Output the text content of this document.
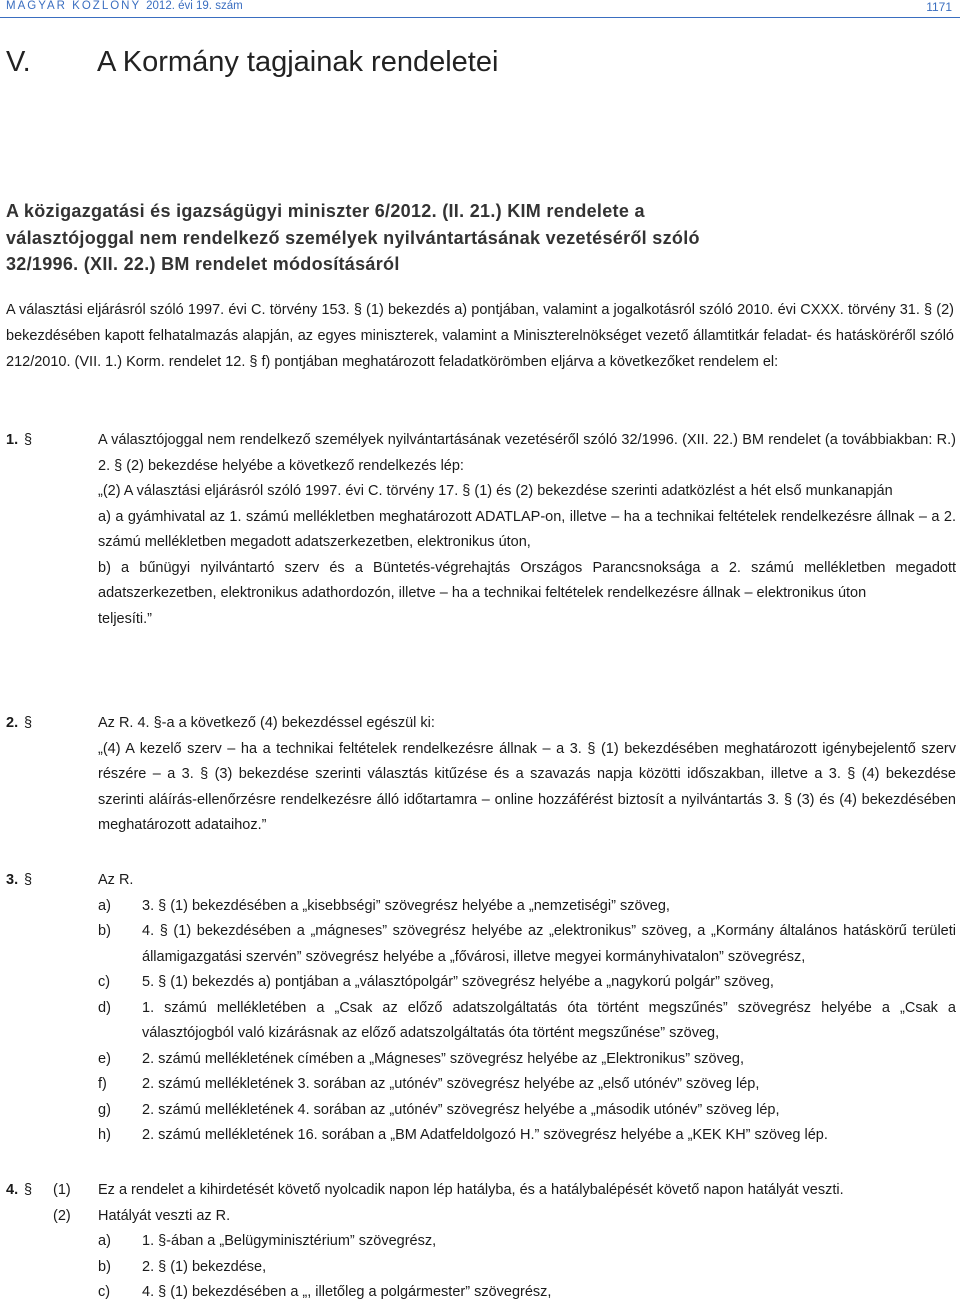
MAGYAR KÖZLÖNY 2012. évi 19. szám	1171
V. A Kormány tagjainak rendeletei
A közigazgatási és igazságügyi miniszter 6/2012. (II. 21.) KIM rendelete a választójoggal nem rendelkező személyek nyilvántartásának vezetéséről szóló 32/1996. (XII. 22.) BM rendelet módosításáról

A választási eljárásról szóló 1997. évi C. törvény 153. § (1) bekezdés a) pontjában, valamint a jogalkotásról szóló 2010. évi CXXX. törvény 31. § (2) bekezdésében kapott felhatalmazás alapján, az egyes miniszterek, valamint a Miniszterelnökséget vezető államtitkár feladat- és hatásköréről szóló 212/2010. (VII. 1.) Korm. rendelet 12. § f) pontjában meghatározott feladatkörömben eljárva a következőket rendelem el:

1. §	A választójoggal nem rendelkező személyek nyilvántartásának vezetéséről szóló 32/1996. (XII. 22.) BM rendelet (a továbbiakban: R.) 2. § (2) bekezdése helyébe a következő rendelkezés lép:

„(2) A választási eljárásról szóló 1997. évi C. törvény 17. § (1) és (2) bekezdése szerinti adatközlést a hét első munkanapján

a) a gyámhivatal az 1. számú mellékletben meghatározott ADATLAP-on, illetve – ha a technikai feltételek rendelkezésre állnak – a 2. számú mellékletben megadott adatszerkezetben, elektronikus úton,

b) a bűnügyi nyilvántartó szerv és a Büntetés-végrehajtás Országos Parancsnoksága a 2. számú mellékletben megadott adatszerkezetben, elektronikus adathordozón, illetve – ha a technikai feltételek rendelkezésre állnak – elektronikus úton

teljesíti.”

2. §	Az R. 4. §-a a következő (4) bekezdéssel egészül ki:

„(4) A kezelő szerv – ha a technikai feltételek rendelkezésre állnak – a 3. § (1) bekezdésében meghatározott igénybejelentő szerv részére – a 3. § (3) bekezdése szerinti választás kitűzése és a szavazás napja közötti időszakban, illetve a 3. § (4) bekezdése szerinti aláírás-ellenőrzésre rendelkezésre álló időtartamra – online hozzáférést biztosít a nyilvántartás 3. § (3) és (4) bekezdésében meghatározott adataihoz.”

3. §	Az R.

a) 3. § (1) bekezdésében a „kisebbségi” szövegrész helyébe a „nemzetiségi” szöveg,
b) 4. § (1) bekezdésében a „mágneses” szövegrész helyébe az „elektronikus” szöveg, a „Kormány általános hatáskörű területi államigazgatási szervén” szövegrész helyébe a „fővárosi, illetve megyei kormányhivatalon” szövegrész,
c) 5. § (1) bekezdés a) pontjában a „választópolgár” szövegrész helyébe a „nagykorú polgár” szöveg,
d) 1. számú mellékletében a „Csak az előző adatszolgáltatás óta történt megszűnés” szövegrész helyébe a „Csak a választójogból való kizárásnak az előző adatszolgáltatás óta történt megszűnése” szöveg,
e) 2. számú mellékletének címében a „Mágneses” szövegrész helyébe az „Elektronikus” szöveg,
f) 2. számú mellékletének 3. sorában az „utónév” szövegrész helyébe az „első utónév” szöveg lép,
g) 2. számú mellékletének 4. sorában az „utónév” szövegrész helyébe a „második utónév” szöveg lép,
h) 2. számú mellékletének 16. sorában a „BM Adatfeldolgozó H.” szövegrész helyébe a „KEK KH” szöveg lép.
4. § (1)
(2)

Ez a rendelet a kihirdetését követő nyolcadik napon lép hatályba, és a hatálybalépését követő napon hatályát veszti.

Hatályát veszti az R.

a) 1. §-ában a „Belügyminisztérium” szövegrész,
b) 2. § (1) bekezdése,
c) 4. § (1) bekezdésében a „, illetőleg a polgármester” szövegrész,
